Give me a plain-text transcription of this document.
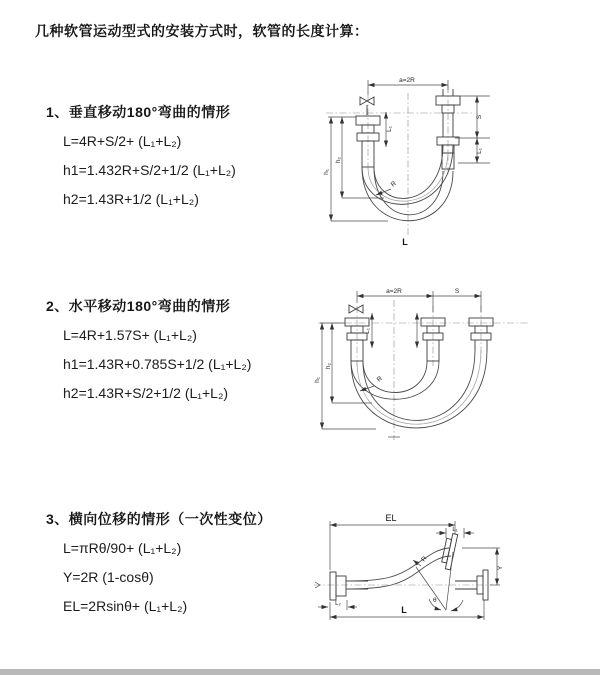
几种软管运动型式的安装方式时，软管的长度计算：
1、垂直移动180°弯曲的情形
L=4R+S/2+ (L₁+L₂)
h1=1.432R+S/2+1/2 (L₁+L₂)
h2=1.43R+1/2 (L₁+L₂)
2、水平移动180°弯曲的情形
L=4R+1.57S+ (L₁+L₂)
h1=1.43R+0.785S+1/2 (L₁+L₂)
h2=1.43R+S/2+1/2 (L₁+L₂)
3、横向位移的情形（一次性变位）
L=πRθ/90+ (L₁+L₂)
Y=2R (1-cosθ)
EL=2Rsinθ+ (L₁+L₂)
a=2R
S
L₁
h₁
h₂
L₁
R
L
a=2R	S
h₁
h₂
L₁
R
EL
L₁
Y
θ
R
L
L₂
